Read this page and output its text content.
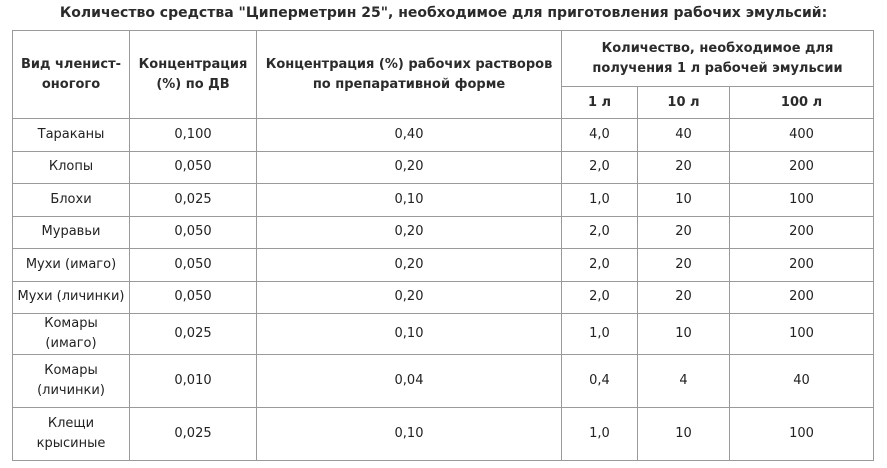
Количество средства "Циперметрин 25", необходимое для приготовления рабочих эмульсий:
Вид членист-оногого	Концентрация (%) по ДВ	Концентрация (%) рабочих растворов по препаративной форме	Количество, необходимое для получения 1 л рабочей эмульсии		
			1 л	10 л	100 л
Тараканы	0,100	0,40	4,0	40	400
Клопы	0,050	0,20	2,0	20	200
Блохи	0,025	0,10	1,0	10	100
Муравьи	0,050	0,20	2,0	20	200
Мухи (имаго)	0,050	0,20	2,0	20	200
Мухи (личинки)	0,050	0,20	2,0	20	200
Комары (имаго)	0,025	0,10	1,0	10	100
Комары (личинки)	0,010	0,04	0,4	4	40
Клещи крысиные	0,025	0,10	1,0	10	100
